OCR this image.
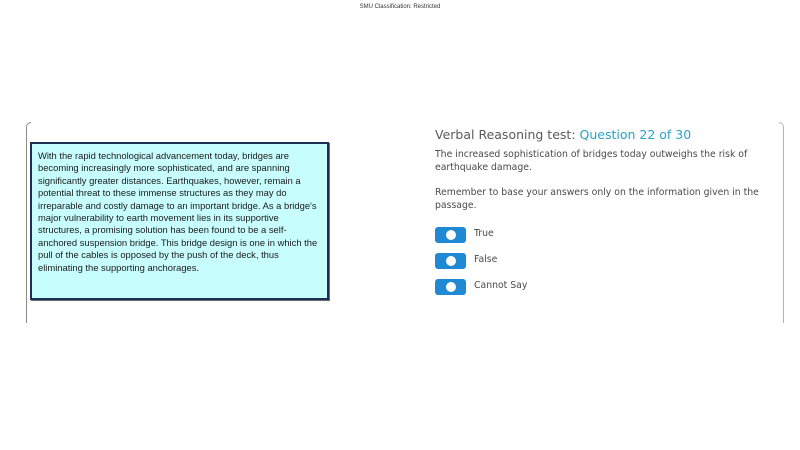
SMU Classification: Restricted
With the rapid technological advancement today, bridges are becoming increasingly more sophisticated, and are spanning significantly greater distances. Earthquakes, however, remain a potential threat to these immense structures as they may do irreparable and costly damage to an important bridge. As a bridge's major vulnerability to earth movement lies in its supportive structures, a promising solution has been found to be a self-anchored suspension bridge. This bridge design is one in which the pull of the cables is opposed by the push of the deck, thus eliminating the supporting anchorages.
Verbal Reasoning test: Question 22 of 30
The increased sophistication of bridges today outweighs the risk of earthquake damage.
Remember to base your answers only on the information given in the passage.
True
False
Cannot Say
